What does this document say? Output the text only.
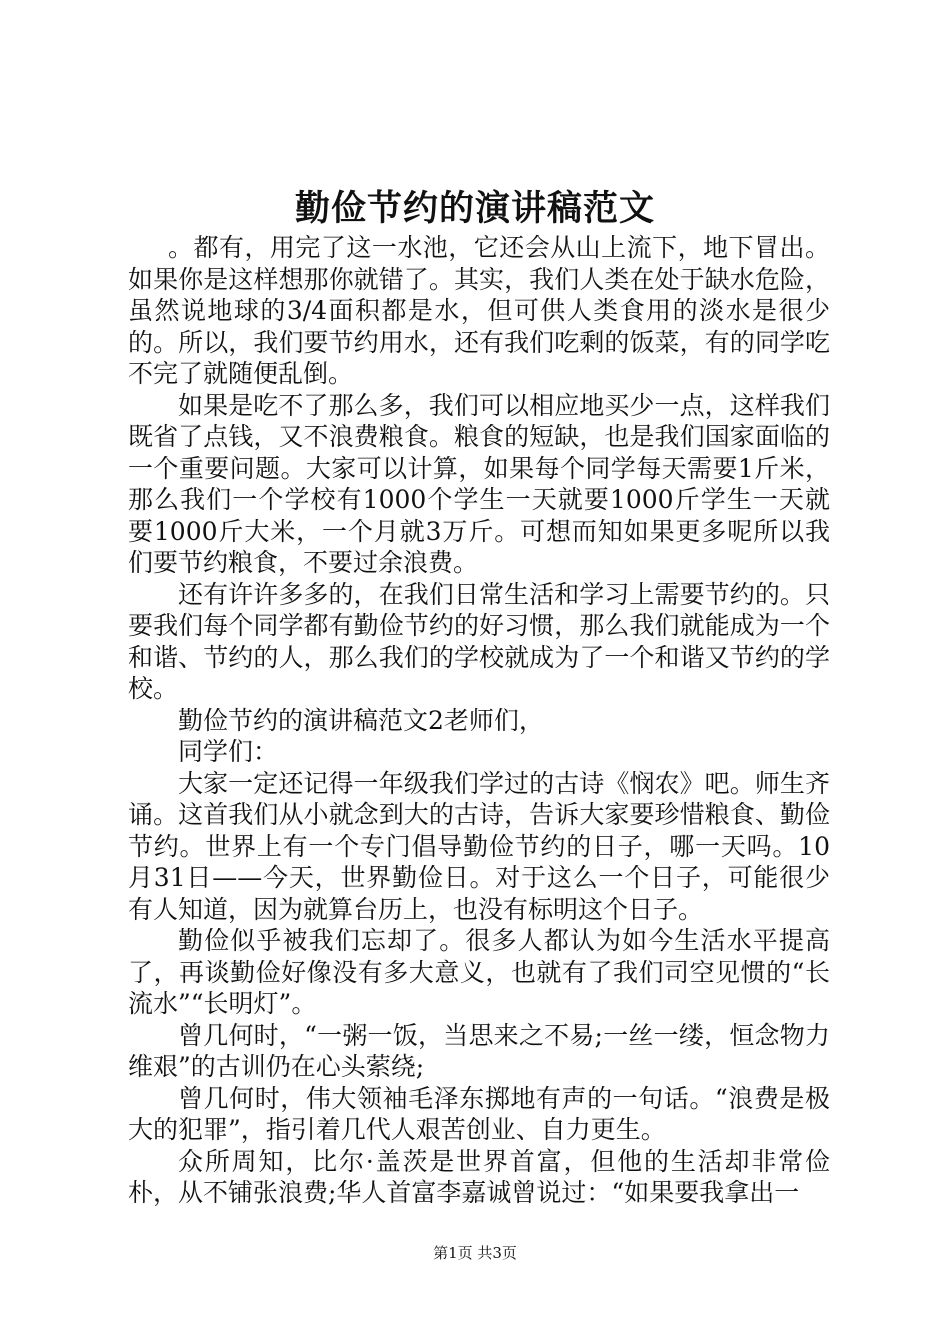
勤俭节约的演讲稿范文

。都有，用完了这一水池，它还会从山上流下，地下冒出。如果你是这样想那你就错了。其实，我们人类在处于缺水危险，虽然说地球的3/4面积都是水，但可供人类食用的淡水是很少的。所以，我们要节约用水，还有我们吃剩的饭菜，有的同学吃不完了就随便乱倒。

如果是吃不了那么多，我们可以相应地买少一点，这样我们既省了点钱，又不浪费粮食。粮食的短缺，也是我们国家面临的一个重要问题。大家可以计算，如果每个同学每天需要1斤米，那么我们一个学校有1000个学生一天就要1000斤学生一天就要1000斤大米，一个月就3万斤。可想而知如果更多呢所以我们要节约粮食，不要过余浪费。

还有许许多多的，在我们日常生活和学习上需要节约的。只要我们每个同学都有勤俭节约的好习惯，那么我们就能成为一个和谐、节约的人，那么我们的学校就成为了一个和谐又节约的学校。

勤俭节约的演讲稿范文2老师们，

同学们：

大家一定还记得一年级我们学过的古诗《悯农》吧。师生齐诵。这首我们从小就念到大的古诗，告诉大家要珍惜粮食、勤俭节约。世界上有一个专门倡导勤俭节约的日子，哪一天吗。10月31日——今天，世界勤俭日。对于这么一个日子，可能很少有人知道，因为就算台历上，也没有标明这个日子。

勤俭似乎被我们忘却了。很多人都认为如今生活水平提高了，再谈勤俭好像没有多大意义，也就有了我们司空见惯的“长流水”“长明灯”。

曾几何时，“一粥一饭，当思来之不易;一丝一缕，恒念物力维艰”的古训仍在心头萦绕;

曾几何时，伟大领袖毛泽东掷地有声的一句话。“浪费是极大的犯罪”，指引着几代人艰苦创业、自力更生。

众所周知，比尔·盖茨是世界首富，但他的生活却非常俭朴，从不铺张浪费;华人首富李嘉诚曾说过：“如果要我拿出一

第1页 共3页
